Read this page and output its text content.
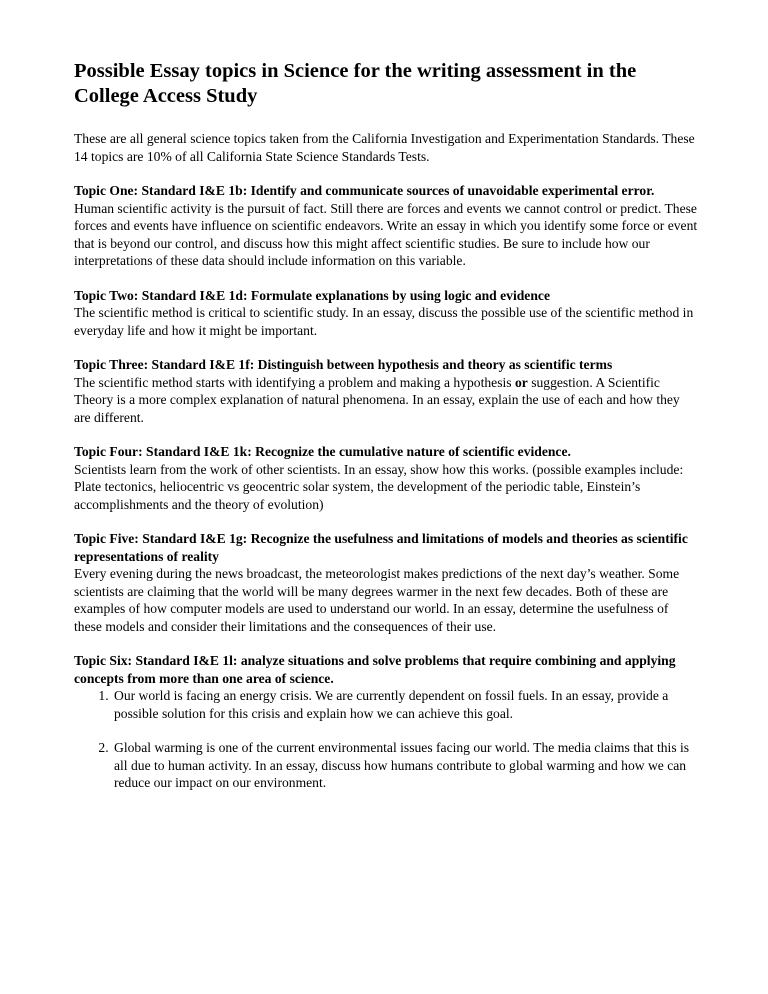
Possible Essay topics in Science for the writing assessment in the College Access Study

These are all general science topics taken from the California Investigation and Experimentation Standards. These 14 topics are 10% of all California State Science Standards Tests.

Topic One: Standard I&E 1b: Identify and communicate sources of unavoidable experimental error.
Human scientific activity is the pursuit of fact. Still there are forces and events we cannot control or predict. These forces and events have influence on scientific endeavors. Write an essay in which you identify some force or event that is beyond our control, and discuss how this might affect scientific studies. Be sure to include how our interpretations of these data should include information on this variable.
Topic Two: Standard I&E 1d: Formulate explanations by using logic and evidence
The scientific method is critical to scientific study. In an essay, discuss the possible use of the scientific method in everyday life and how it might be important.
Topic Three: Standard I&E 1f: Distinguish between hypothesis and theory as scientific terms
The scientific method starts with identifying a problem and making a hypothesis or suggestion. A Scientific Theory is a more complex explanation of natural phenomena. In an essay, explain the use of each and how they are different.
Topic Four: Standard I&E 1k: Recognize the cumulative nature of scientific evidence.
Scientists learn from the work of other scientists. In an essay, show how this works. (possible examples include: Plate tectonics, heliocentric vs geocentric solar system, the development of the periodic table, Einstein’s accomplishments and the theory of evolution)
Topic Five: Standard I&E 1g: Recognize the usefulness and limitations of models and theories as scientific representations of reality
Every evening during the news broadcast, the meteorologist makes predictions of the next day’s weather. Some scientists are claiming that the world will be many degrees warmer in the next few decades. Both of these are examples of how computer models are used to understand our world. In an essay, determine the usefulness of these models and consider their limitations and the consequences of their use.
Topic Six: Standard I&E 1l: analyze situations and solve problems that require combining and applying concepts from more than one area of science.
1. Our world is facing an energy crisis. We are currently dependent on fossil fuels. In an essay, provide a possible solution for this crisis and explain how we can achieve this goal.
2. Global warming is one of the current environmental issues facing our world. The media claims that this is all due to human activity. In an essay, discuss how humans contribute to global warming and how we can reduce our impact on our environment.
